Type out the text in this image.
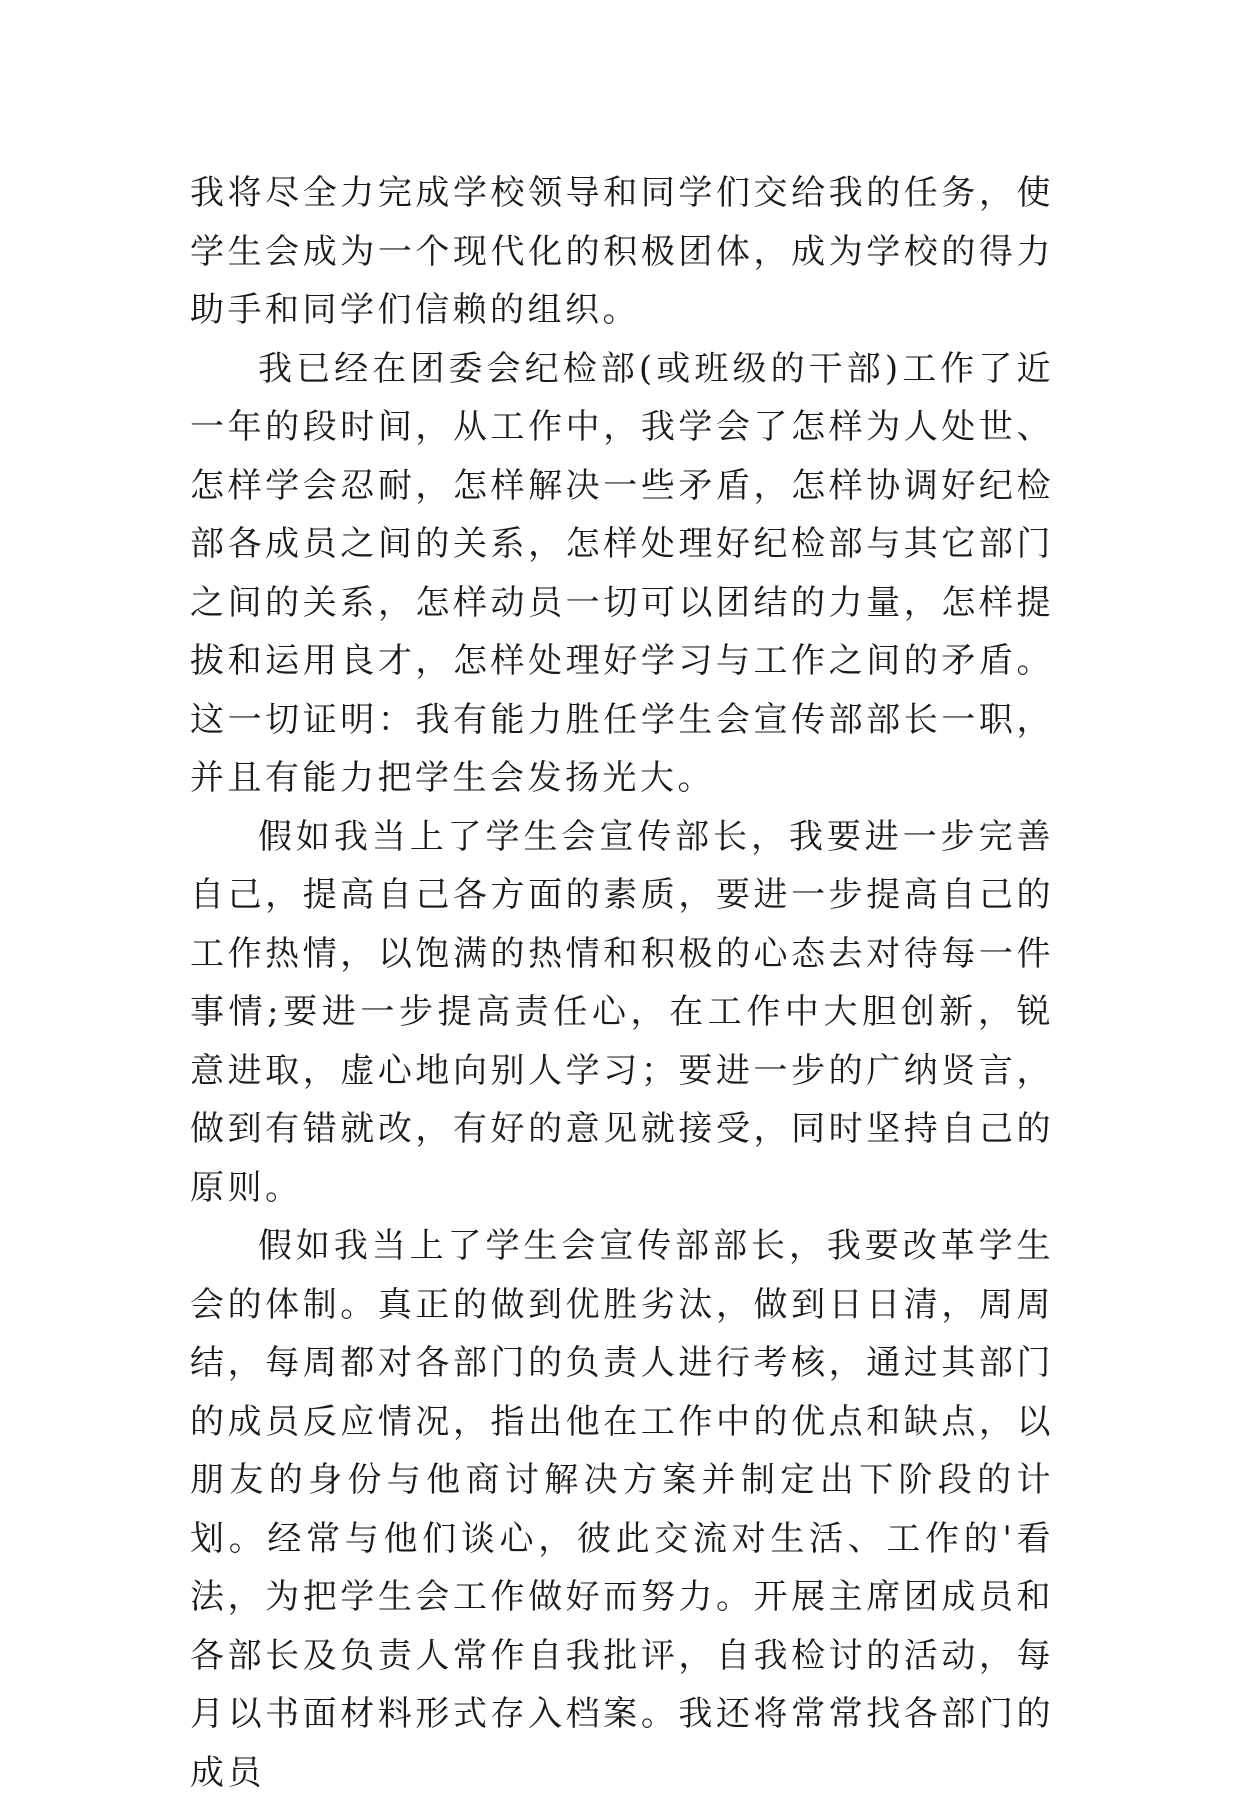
我将尽全力完成学校领导和同学们交给我的任务，使学生会成为一个现代化的积极团体，成为学校的得力助手和同学们信赖的组织。

我已经在团委会纪检部(或班级的干部)工作了近一年的段时间，从工作中，我学会了怎样为人处世、怎样学会忍耐，怎样解决一些矛盾，怎样协调好纪检部各成员之间的关系，怎样处理好纪检部与其它部门之间的关系，怎样动员一切可以团结的力量，怎样提拔和运用良才，怎样处理好学习与工作之间的矛盾。这一切证明：我有能力胜任学生会宣传部部长一职，并且有能力把学生会发扬光大。

假如我当上了学生会宣传部长，我要进一步完善自己，提高自己各方面的素质，要进一步提高自己的工作热情，以饱满的热情和积极的心态去对待每一件事情;要进一步提高责任心，在工作中大胆创新，锐意进取，虚心地向别人学习；要进一步的广纳贤言，做到有错就改，有好的意见就接受，同时坚持自己的原则。

假如我当上了学生会宣传部部长，我要改革学生会的体制。真正的做到优胜劣汰，做到日日清，周周结，每周都对各部门的负责人进行考核，通过其部门的成员反应情况，指出他在工作中的优点和缺点，以朋友的身份与他商讨解决方案并制定出下阶段的计划。经常与他们谈心，彼此交流对生活、工作的'看法，为把学生会工作做好而努力。开展主席团成员和各部长及负责人常作自我批评，自我检讨的活动，每月以书面材料形式存入档案。我还将常常找各部门的成员
